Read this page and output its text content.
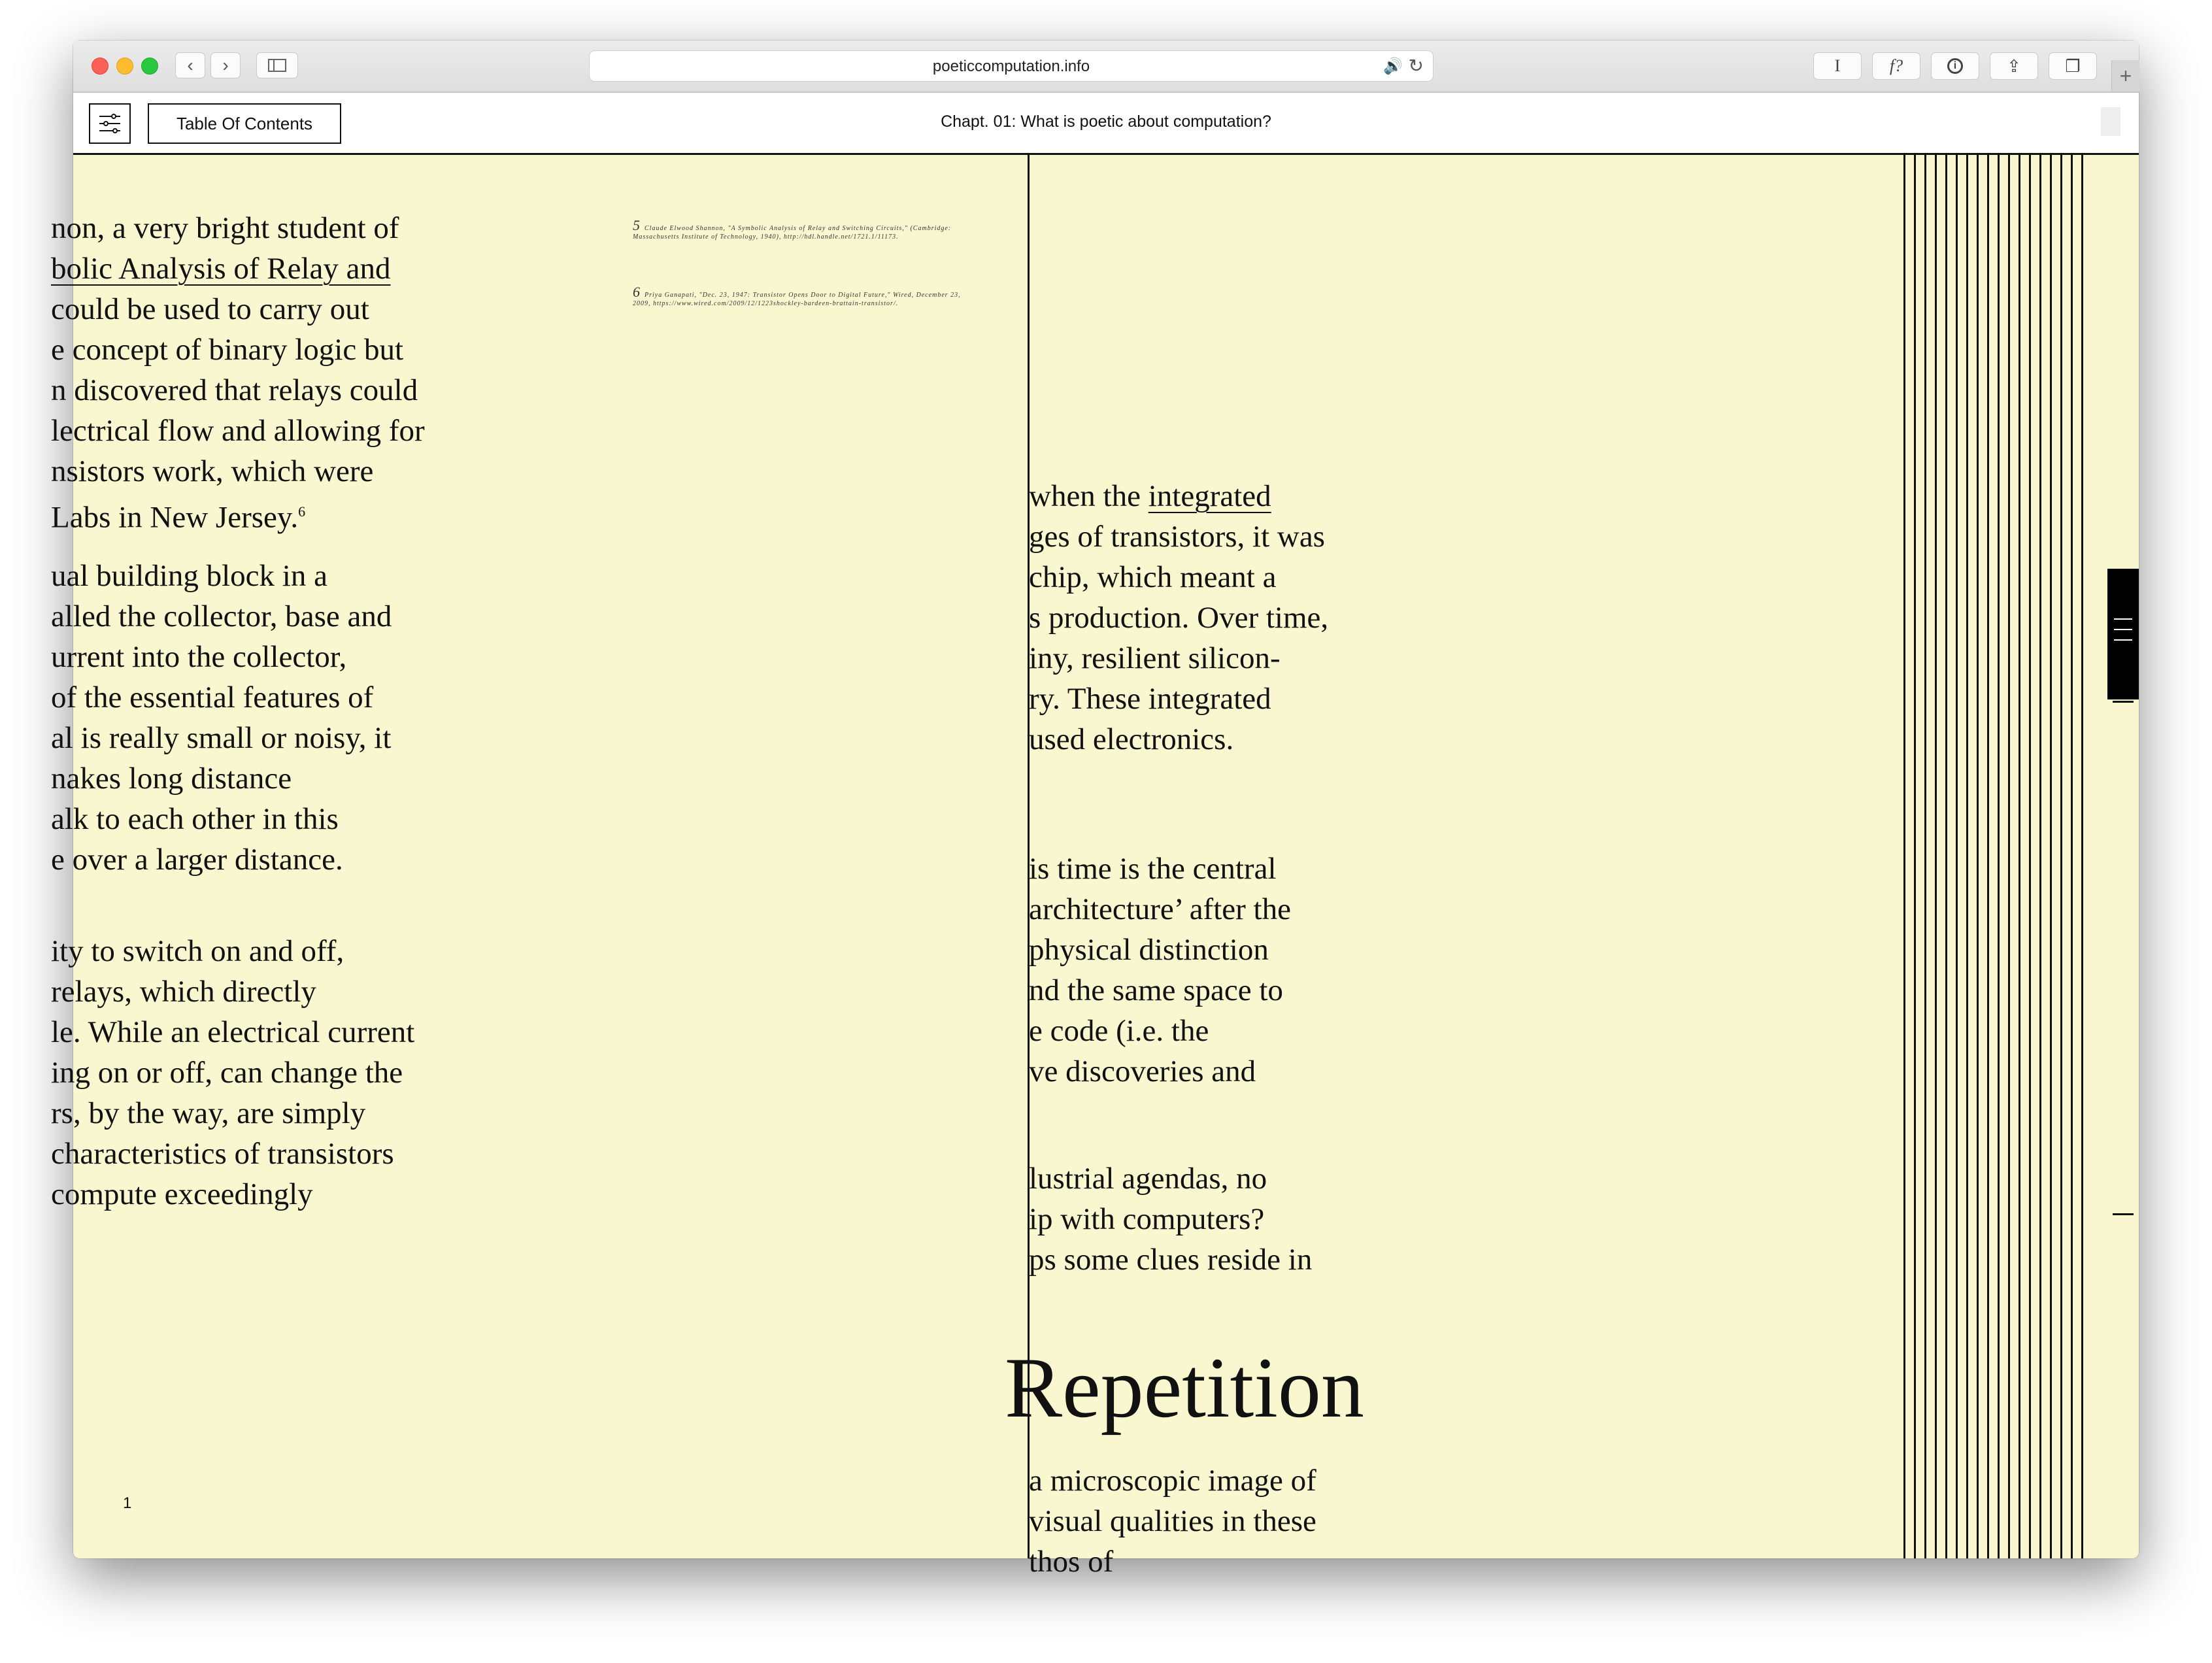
‹ ›	poeticcomputation.info	🔊 ↻	I	f?	i	⇪	❐ +
Table Of Contents	Chapt. 01: What is poetic about computation?
non, a very bright student of
bolic Analysis of Relay and
could be used to carry out
e concept of binary logic but
n discovered that relays could
lectrical flow and allowing for
nsistors work, which were
Labs in New Jersey.$^6$
ual building block in a
alled the collector, base and
urrent into the collector,
of the essential features of
al is really small or noisy, it
nakes long distance
alk to each other in this
e over a larger distance.
ity to switch on and off,
relays, which directly
le. While an electrical current
ing on or off, can change the
rs, by the way, are simply
characteristics of transistors
compute exceedingly
5 Claude Elwood Shannon, "A Symbolic Analysis of Relay and Switching Circuits," (Cambridge:
Massachusetts Institute of Technology, 1940), http://hdl.handle.net/1721.1/11173.
6 Priya Ganapati, "Dec. 23, 1947: Transistor Opens Door to Digital Future," Wired, December 23,
2009, https://www.wired.com/2009/12/1223shockley-bardeen-brattain-transistor/.
1
when the integrated
ges of transistors, it was
chip, which meant a
s production. Over time,
iny, resilient silicon-
ry. These integrated
used electronics.
is time is the central
architecture’ after the
physical distinction
nd the same space to
e code (i.e. the
ve discoveries and
lustrial agendas, no
ip with computers?
ps some clues reside in
a microscopic image of
visual qualities in these
thos of
Repetition
